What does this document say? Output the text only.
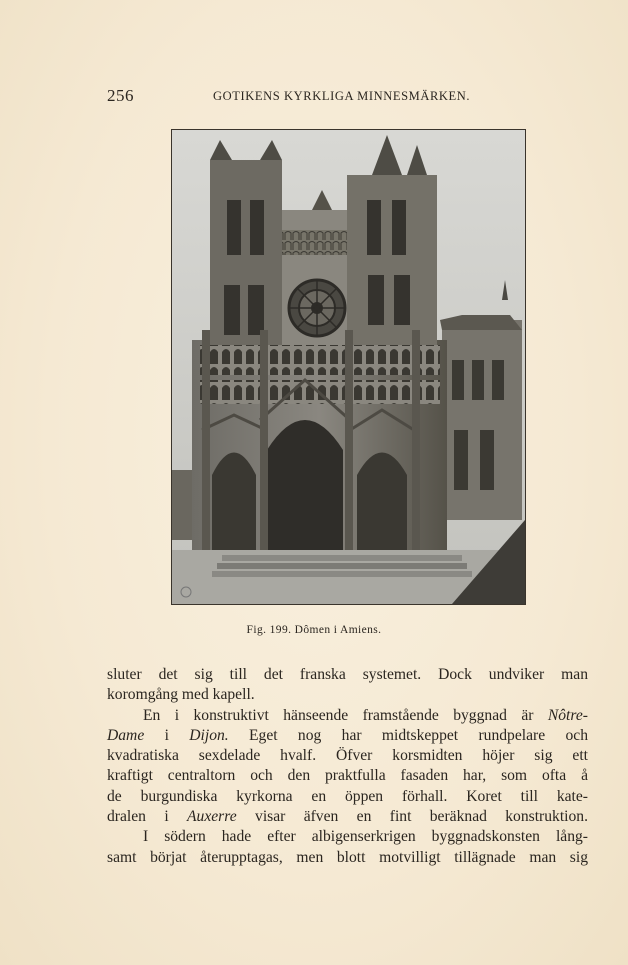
256	GOTIKENS KYRKLIGA MINNESMÄRKEN.
Fig. 199. Dômen i Amiens.
sluter det sig till det franska systemet. Dock undviker man
koromgång med kapell.
En i konstruktivt hänseende framstående byggnad är Nôtre-
Dame i Dijon. Eget nog har midtskeppet rundpelare och
kvadratiska sexdelade hvalf. Öfver korsmidten höjer sig ett
kraftigt centraltorn och den praktfulla fasaden har, som ofta å
de burgundiska kyrkorna en öppen förhall. Koret till kate-
dralen i Auxerre visar äfven en fint beräknad konstruktion.
I södern hade efter albigenserkrigen byggnadskonsten lång-
samt börjat återupptagas, men blott motvilligt tillägnade man sig
